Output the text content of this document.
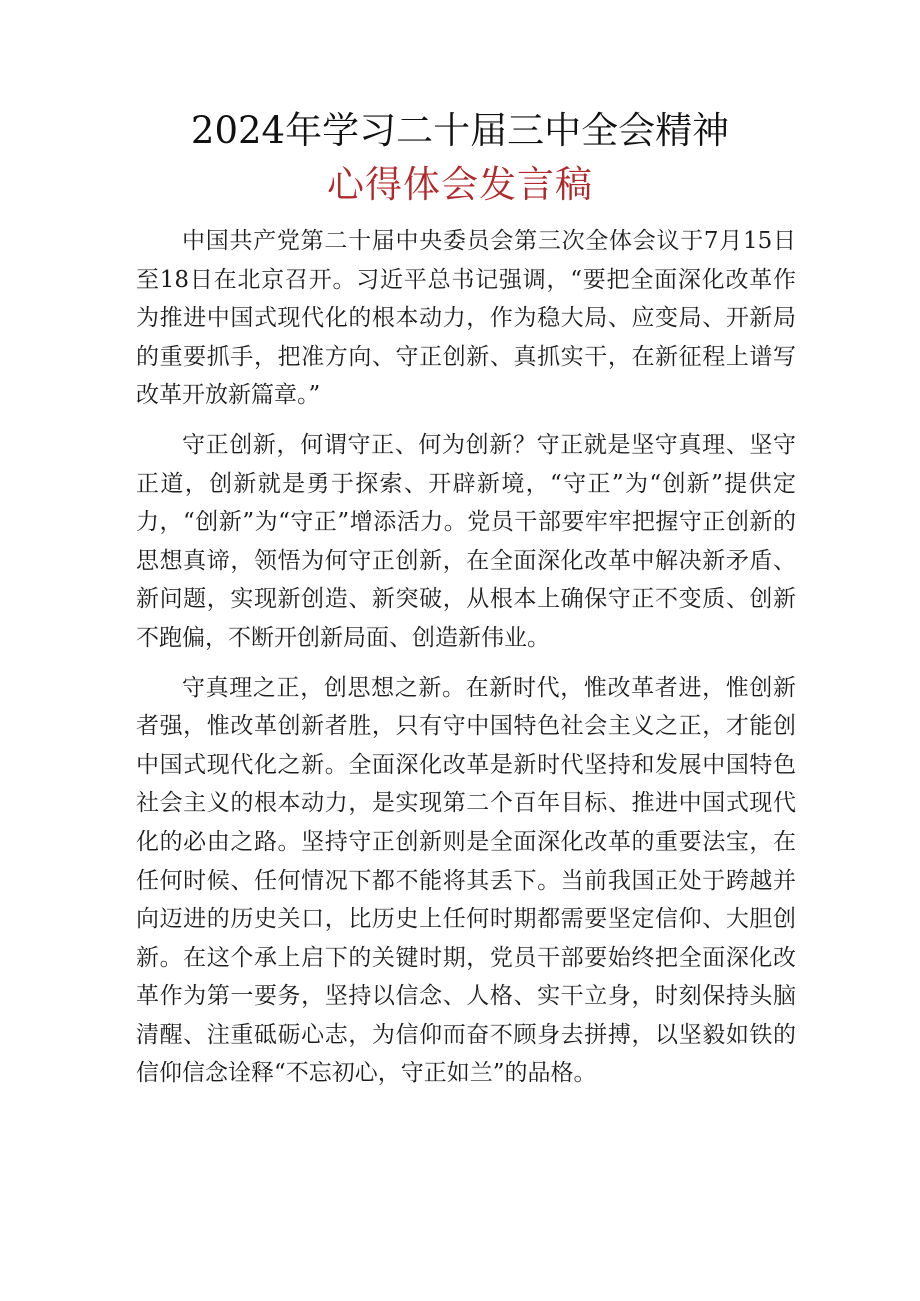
2024年学习二十届三中全会精神
心得体会发言稿

中国共产党第二十届中央委员会第三次全体会议于7月15日至18日在北京召开。习近平总书记强调，“要把全面深化改革作为推进中国式现代化的根本动力，作为稳大局、应变局、开新局的重要抓手，把准方向、守正创新、真抓实干，在新征程上谱写改革开放新篇章。”

守正创新，何谓守正、何为创新？守正就是坚守真理、坚守正道，创新就是勇于探索、开辟新境，“守正”为“创新”提供定力，“创新”为“守正”增添活力。党员干部要牢牢把握守正创新的思想真谛，领悟为何守正创新，在全面深化改革中解决新矛盾、新问题，实现新创造、新突破，从根本上确保守正不变质、创新不跑偏，不断开创新局面、创造新伟业。

守真理之正，创思想之新。在新时代，惟改革者进，惟创新者强，惟改革创新者胜，只有守中国特色社会主义之正，才能创中国式现代化之新。全面深化改革是新时代坚持和发展中国特色社会主义的根本动力，是实现第二个百年目标、推进中国式现代化的必由之路。坚持守正创新则是全面深化改革的重要法宝，在任何时候、任何情况下都不能将其丢下。当前我国正处于跨越并向迈进的历史关口，比历史上任何时期都需要坚定信仰、大胆创新。在这个承上启下的关键时期，党员干部要始终把全面深化改革作为第一要务，坚持以信念、人格、实干立身，时刻保持头脑清醒、注重砥砺心志，为信仰而奋不顾身去拼搏，以坚毅如铁的信仰信念诠释“不忘初心，守正如兰”的品格。
